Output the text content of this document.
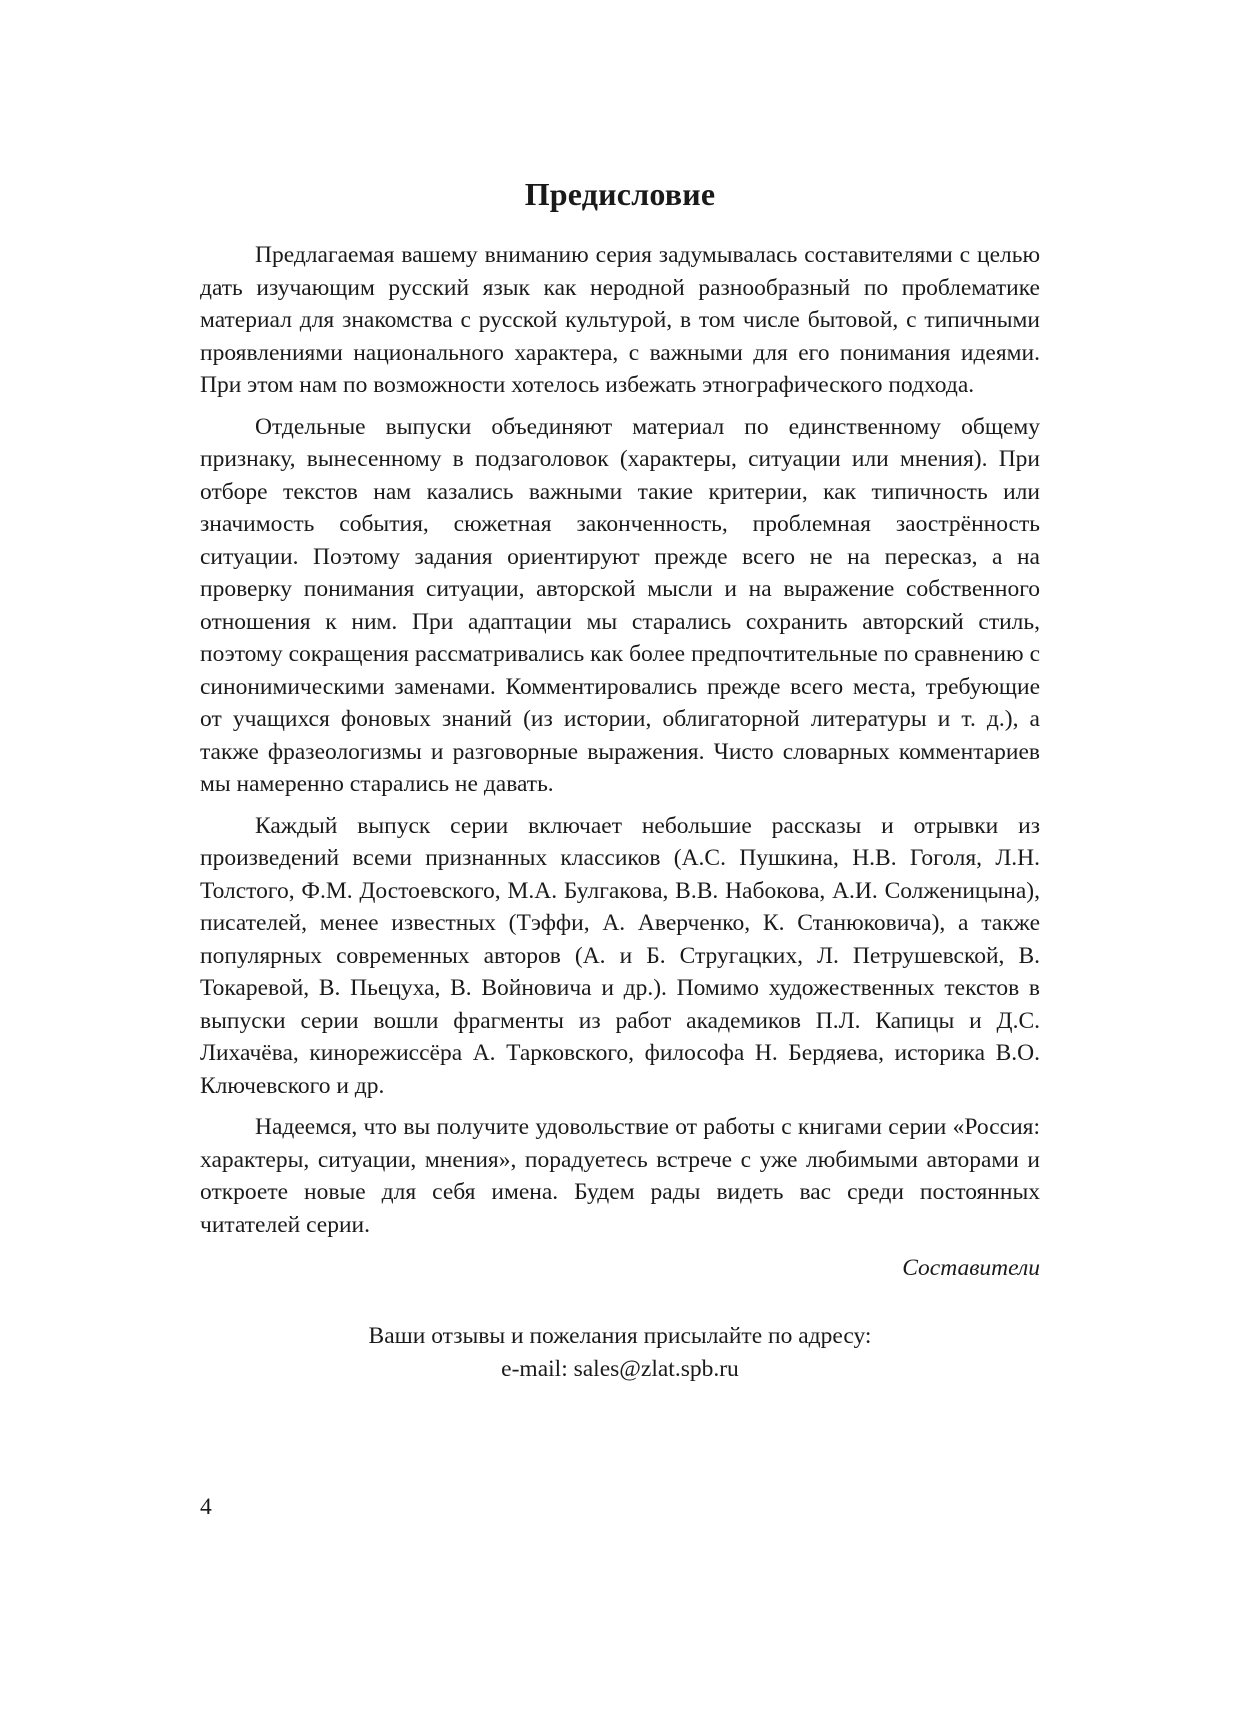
Предисловие

Предлагаемая вашему вниманию серия задумывалась составителями с целью дать изучающим русский язык как неродной разнообразный по проблематике материал для знакомства с русской культурой, в том числе бытовой, с типичными проявлениями национального характера, с важными для его понимания идеями. При этом нам по возможности хотелось избежать этнографического подхода.

Отдельные выпуски объединяют материал по единственному общему признаку, вынесенному в подзаголовок (характеры, ситуации или мнения). При отборе текстов нам казались важными такие критерии, как типичность или значимость события, сюжетная законченность, проблемная заострённость ситуации. Поэтому задания ориентируют прежде всего не на пересказ, а на проверку понимания ситуации, авторской мысли и на выражение собственного отношения к ним. При адаптации мы старались сохранить авторский стиль, поэтому сокращения рассматривались как более предпочтительные по сравнению с синонимическими заменами. Комментировались прежде всего места, требующие от учащихся фоновых знаний (из истории, облигаторной литературы и т. д.), а также фразеологизмы и разговорные выражения. Чисто словарных комментариев мы намеренно старались не давать.

Каждый выпуск серии включает небольшие рассказы и отрывки из произведений всеми признанных классиков (А.С. Пушкина, Н.В. Гоголя, Л.Н. Толстого, Ф.М. Достоевского, М.А. Булгакова, В.В. Набокова, А.И. Солженицына), писателей, менее известных (Тэффи, А. Аверченко, К. Станюковича), а также популярных современных авторов (А. и Б. Стругацких, Л. Петрушевской, В. Токаревой, В. Пьецуха, В. Войновича и др.). Помимо художественных текстов в выпуски серии вошли фрагменты из работ академиков П.Л. Капицы и Д.С. Лихачёва, кинорежиссёра А. Тарковского, философа Н. Бердяева, историка В.О. Ключевского и др.

Надеемся, что вы получите удовольствие от работы с книгами серии «Россия: характеры, ситуации, мнения», порадуетесь встрече с уже любимыми авторами и откроете новые для себя имена. Будем рады видеть вас среди постоянных читателей серии.

Составители
Ваши отзывы и пожелания присылайте по адресу:
e-mail: sales@zlat.spb.ru
4
